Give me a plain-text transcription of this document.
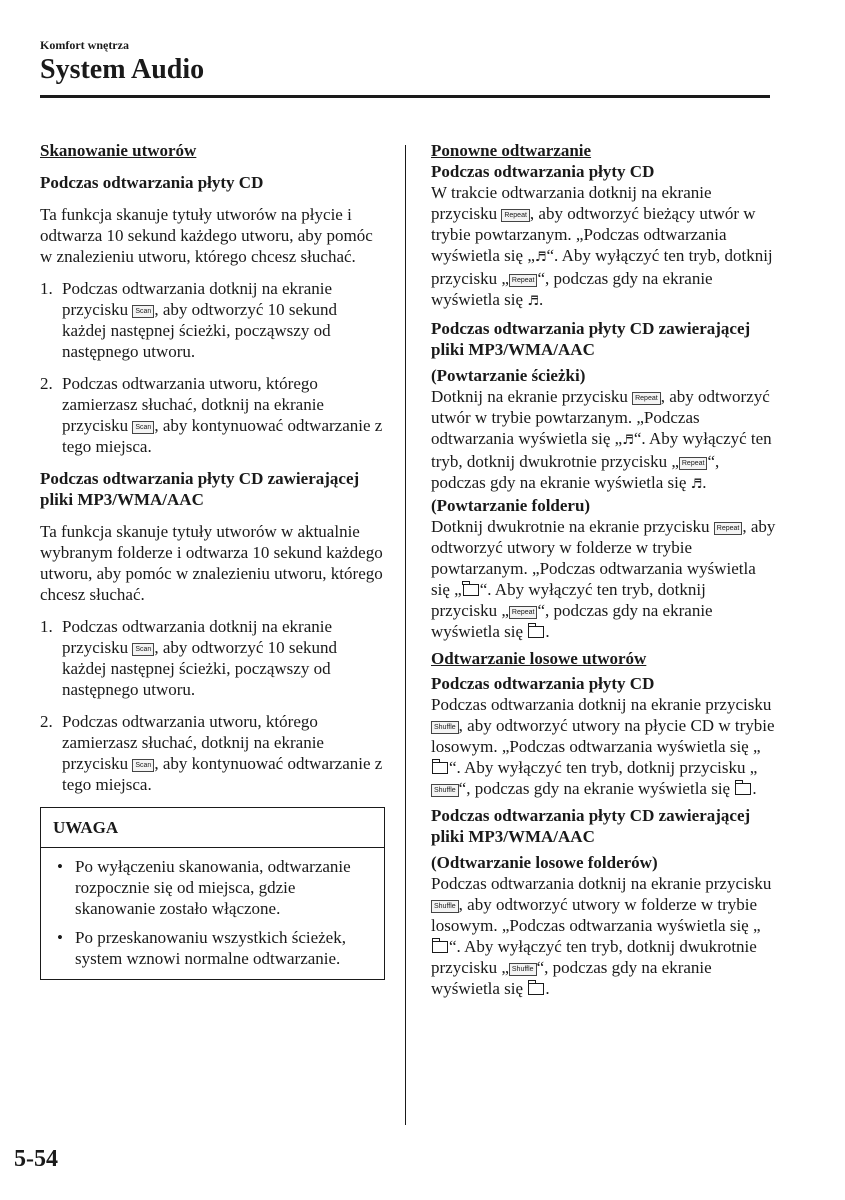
Komfort wnętrza
System Audio

Skanowanie utworów

Podczas odtwarzania płyty CD

Ta funkcja skanuje tytuły utworów na płycie i odtwarza 10 sekund każdego utworu, aby pomóc w znalezieniu utworu, którego chcesz słuchać.

1. Podczas odtwarzania dotknij na ekranie przycisku Scan , aby odtworzyć 10 sekund każdej następnej ścieżki, począwszy od następnego utworu.
2. Podczas odtwarzania utworu, którego zamierzasz słuchać, dotknij na ekranie przycisku Scan , aby kontynuować odtwarzanie z tego miejsca.

Podczas odtwarzania płyty CD zawierającej pliki MP3/WMA/AAC

Ta funkcja skanuje tytuły utworów w aktualnie wybranym folderze i odtwarza 10 sekund każdego utworu, aby pomóc w znalezieniu utworu, którego chcesz słuchać.

1. Podczas odtwarzania dotknij na ekranie przycisku Scan , aby odtworzyć 10 sekund każdej następnej ścieżki, począwszy od następnego utworu.
2. Podczas odtwarzania utworu, którego zamierzasz słuchać, dotknij na ekranie przycisku Scan , aby kontynuować odtwarzanie z tego miejsca.
UWAGA
• Po wyłączeniu skanowania, odtwarzanie rozpocznie się od miejsca, gdzie skanowanie zostało włączone.
• Po przeskanowaniu wszystkich ścieżek, system wznowi normalne odtwarzanie.

Ponowne odtwarzanie

Podczas odtwarzania płyty CD

W trakcie odtwarzania dotknij na ekranie przycisku Repeat , aby odtworzyć bieżący utwór w trybie powtarzanym. „Podczas odtwarzania wyświetla się „♬“. Aby wyłączyć ten tryb, dotknij przycisku „ Repeat “, podczas gdy na ekranie wyświetla się ♬.

Podczas odtwarzania płyty CD zawierającej pliki MP3/WMA/AAC

(Powtarzanie ścieżki)

Dotknij na ekranie przycisku Repeat , aby odtworzyć utwór w trybie powtarzanym. „Podczas odtwarzania wyświetla się „♬“. Aby wyłączyć ten tryb, dotknij dwukrotnie przycisku „ Repeat “, podczas gdy na ekranie wyświetla się ♬.

(Powtarzanie folderu)

Dotknij dwukrotnie na ekranie przycisku Repeat , aby odtworzyć utwory w folderze w trybie powtarzanym. „Podczas odtwarzania wyświetla się „ “. Aby wyłączyć ten tryb, dotknij przycisku „ Repeat “, podczas gdy na ekranie wyświetla się .

Odtwarzanie losowe utworów

Podczas odtwarzania płyty CD

Podczas odtwarzania dotknij na ekranie przycisku Shuffle , aby odtworzyć utwory na płycie CD w trybie losowym. „Podczas odtwarzania wyświetla się „“. Aby wyłączyć ten tryb, dotknij przycisku „Shuffle “, podczas gdy na ekranie wyświetla się .

Podczas odtwarzania płyty CD zawierającej pliki MP3/WMA/AAC

(Odtwarzanie losowe folderów)

Podczas odtwarzania dotknij na ekranie przycisku Shuffle , aby odtworzyć utwory w folderze w trybie losowym. „Podczas odtwarzania wyświetla się „“. Aby wyłączyć ten tryb, dotknij dwukrotnie przycisku „ Shuffle “, podczas gdy na ekranie wyświetla się .

5-54
